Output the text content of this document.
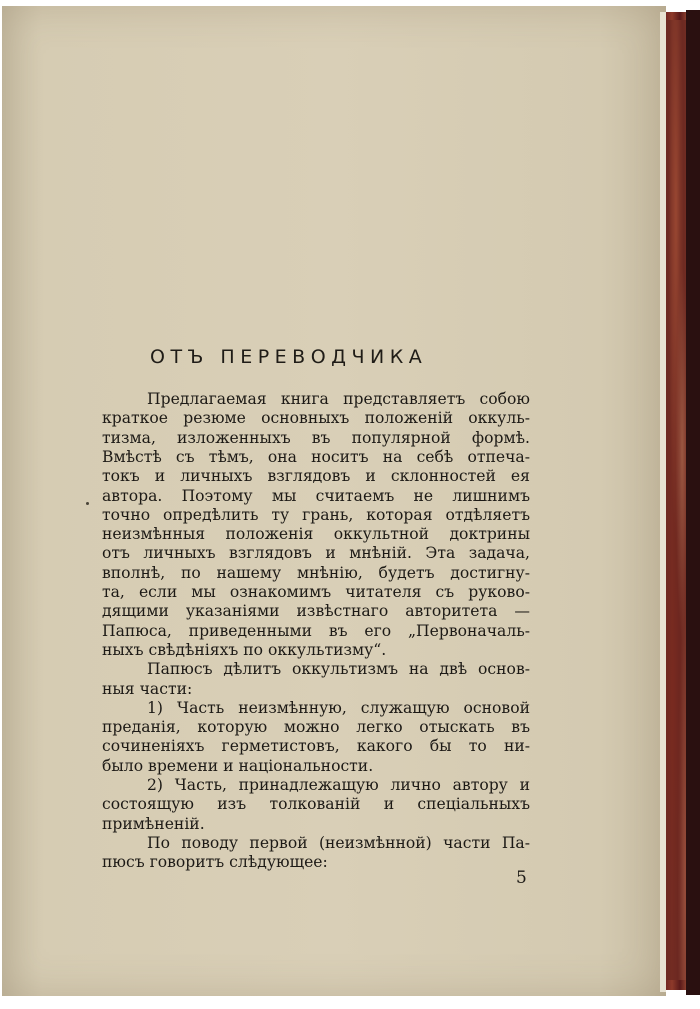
ОТЪ ПЕРЕВОДЧИКА
Предлагаемая книга представляетъ собою
краткое резюме основныхъ положенiй оккуль-
тизма, изложенныхъ въ популярной формѣ.
Вмѣстѣ съ тѣмъ, она носитъ на себѣ отпеча-
токъ и личныхъ взглядовъ и склонностей ея
автора. Поэтому мы считаемъ не лишнимъ
точно опредѣлить ту грань, которая отдѣляетъ
неизмѣнныя положенiя оккультной доктрины
отъ личныхъ взглядовъ и мнѣнiй. Эта задача,
вполнѣ, по нашему мнѣнiю, будетъ достигну-
та, если мы ознакомимъ читателя съ руково-
дящими указанiями извѣстнаго авторитета —
Папюса, приведенными въ его „Первоначаль-
ныхъ свѣдѣнiяхъ по оккультизму“.
Папюсъ дѣлитъ оккультизмъ на двѣ основ-
ныя части:
1) Часть неизмѣнную, служащую основой
преданiя, которую можно легко отыскать въ
сочиненiяхъ герметистовъ, какого бы то ни-
было времени и нацiональности.
2) Часть, принадлежащую лично автору и
состоящую изъ толкованiй и спецiальныхъ
примѣненiй.
По поводу первой (неизмѣнной) части Па-
пюсъ говоритъ слѣдующее:
5
